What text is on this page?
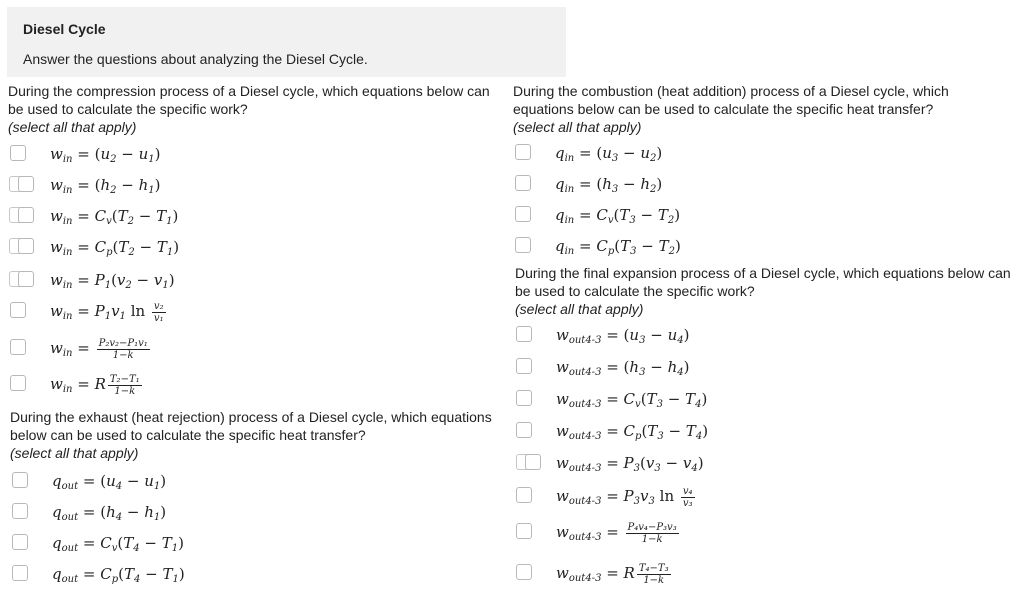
Diesel Cycle
Answer the questions about analyzing the Diesel Cycle.
During the compression process of a Diesel cycle, which equations below can be used to calculate the specific work?
(select all that apply)
$w_{in} = (u_2 - u_1)$
$w_{in} = (h_2 - h_1)$
$w_{in} = C_v(T_2 - T_1)$
$w_{in} = C_p(T_2 - T_1)$
$w_{in} = P_1(v_2 - v_1)$
$w_{in} = P_1v_1$ $\ln \frac{\text{v₂}}{\text{v₁}}$
$w_{in} = \frac{\text{P₂v₂−P₁v₁}}{1-k}$
$w_{in} = R \frac{\text{T₂−T₁}}{1-k}$
During the exhaust (heat rejection) process of a Diesel cycle, which equations below can be used to calculate the specific heat transfer?
(select all that apply)
$q_{out} = (u_4 - u_1)$
$q_{out} = (h_4 - h_1)$
$q_{out} = C_v(T_4 - T_1)$
$q_{out} = C_p(T_4 - T_1)$
During the combustion (heat addition) process of a Diesel cycle, which equations below can be used to calculate the specific heat transfer?
(select all that apply)
$q_{in} = (u_3 - u_2)$
$q_{in} = (h_3 - h_2)$
$q_{in} = C_v(T_3 - T_2)$
$q_{in} = C_p(T_3 - T_2)$
During the final expansion process of a Diesel cycle, which equations below can be used to calculate the specific work?
(select all that apply)
$w_{out4-3} = (u_3 - u_4)$
$w_{out4-3} = (h_3 - h_4)$
$w_{out4-3} = C_v(T_3 - T_4)$
$w_{out4-3} = C_p(T_3 - T_4)$
$w_{out4-3} = P_3(v_3 - v_4)$
$w_{out4-3} = P_3v_3$ $\ln \frac{\text{v₄}}{\text{v₃}}$
$w_{out4-3} = \frac{\text{P₄v₄−P₃v₃}}{1-k}$
$w_{out4-3} = R \frac{\text{T₄−T₃}}{1-k}$
